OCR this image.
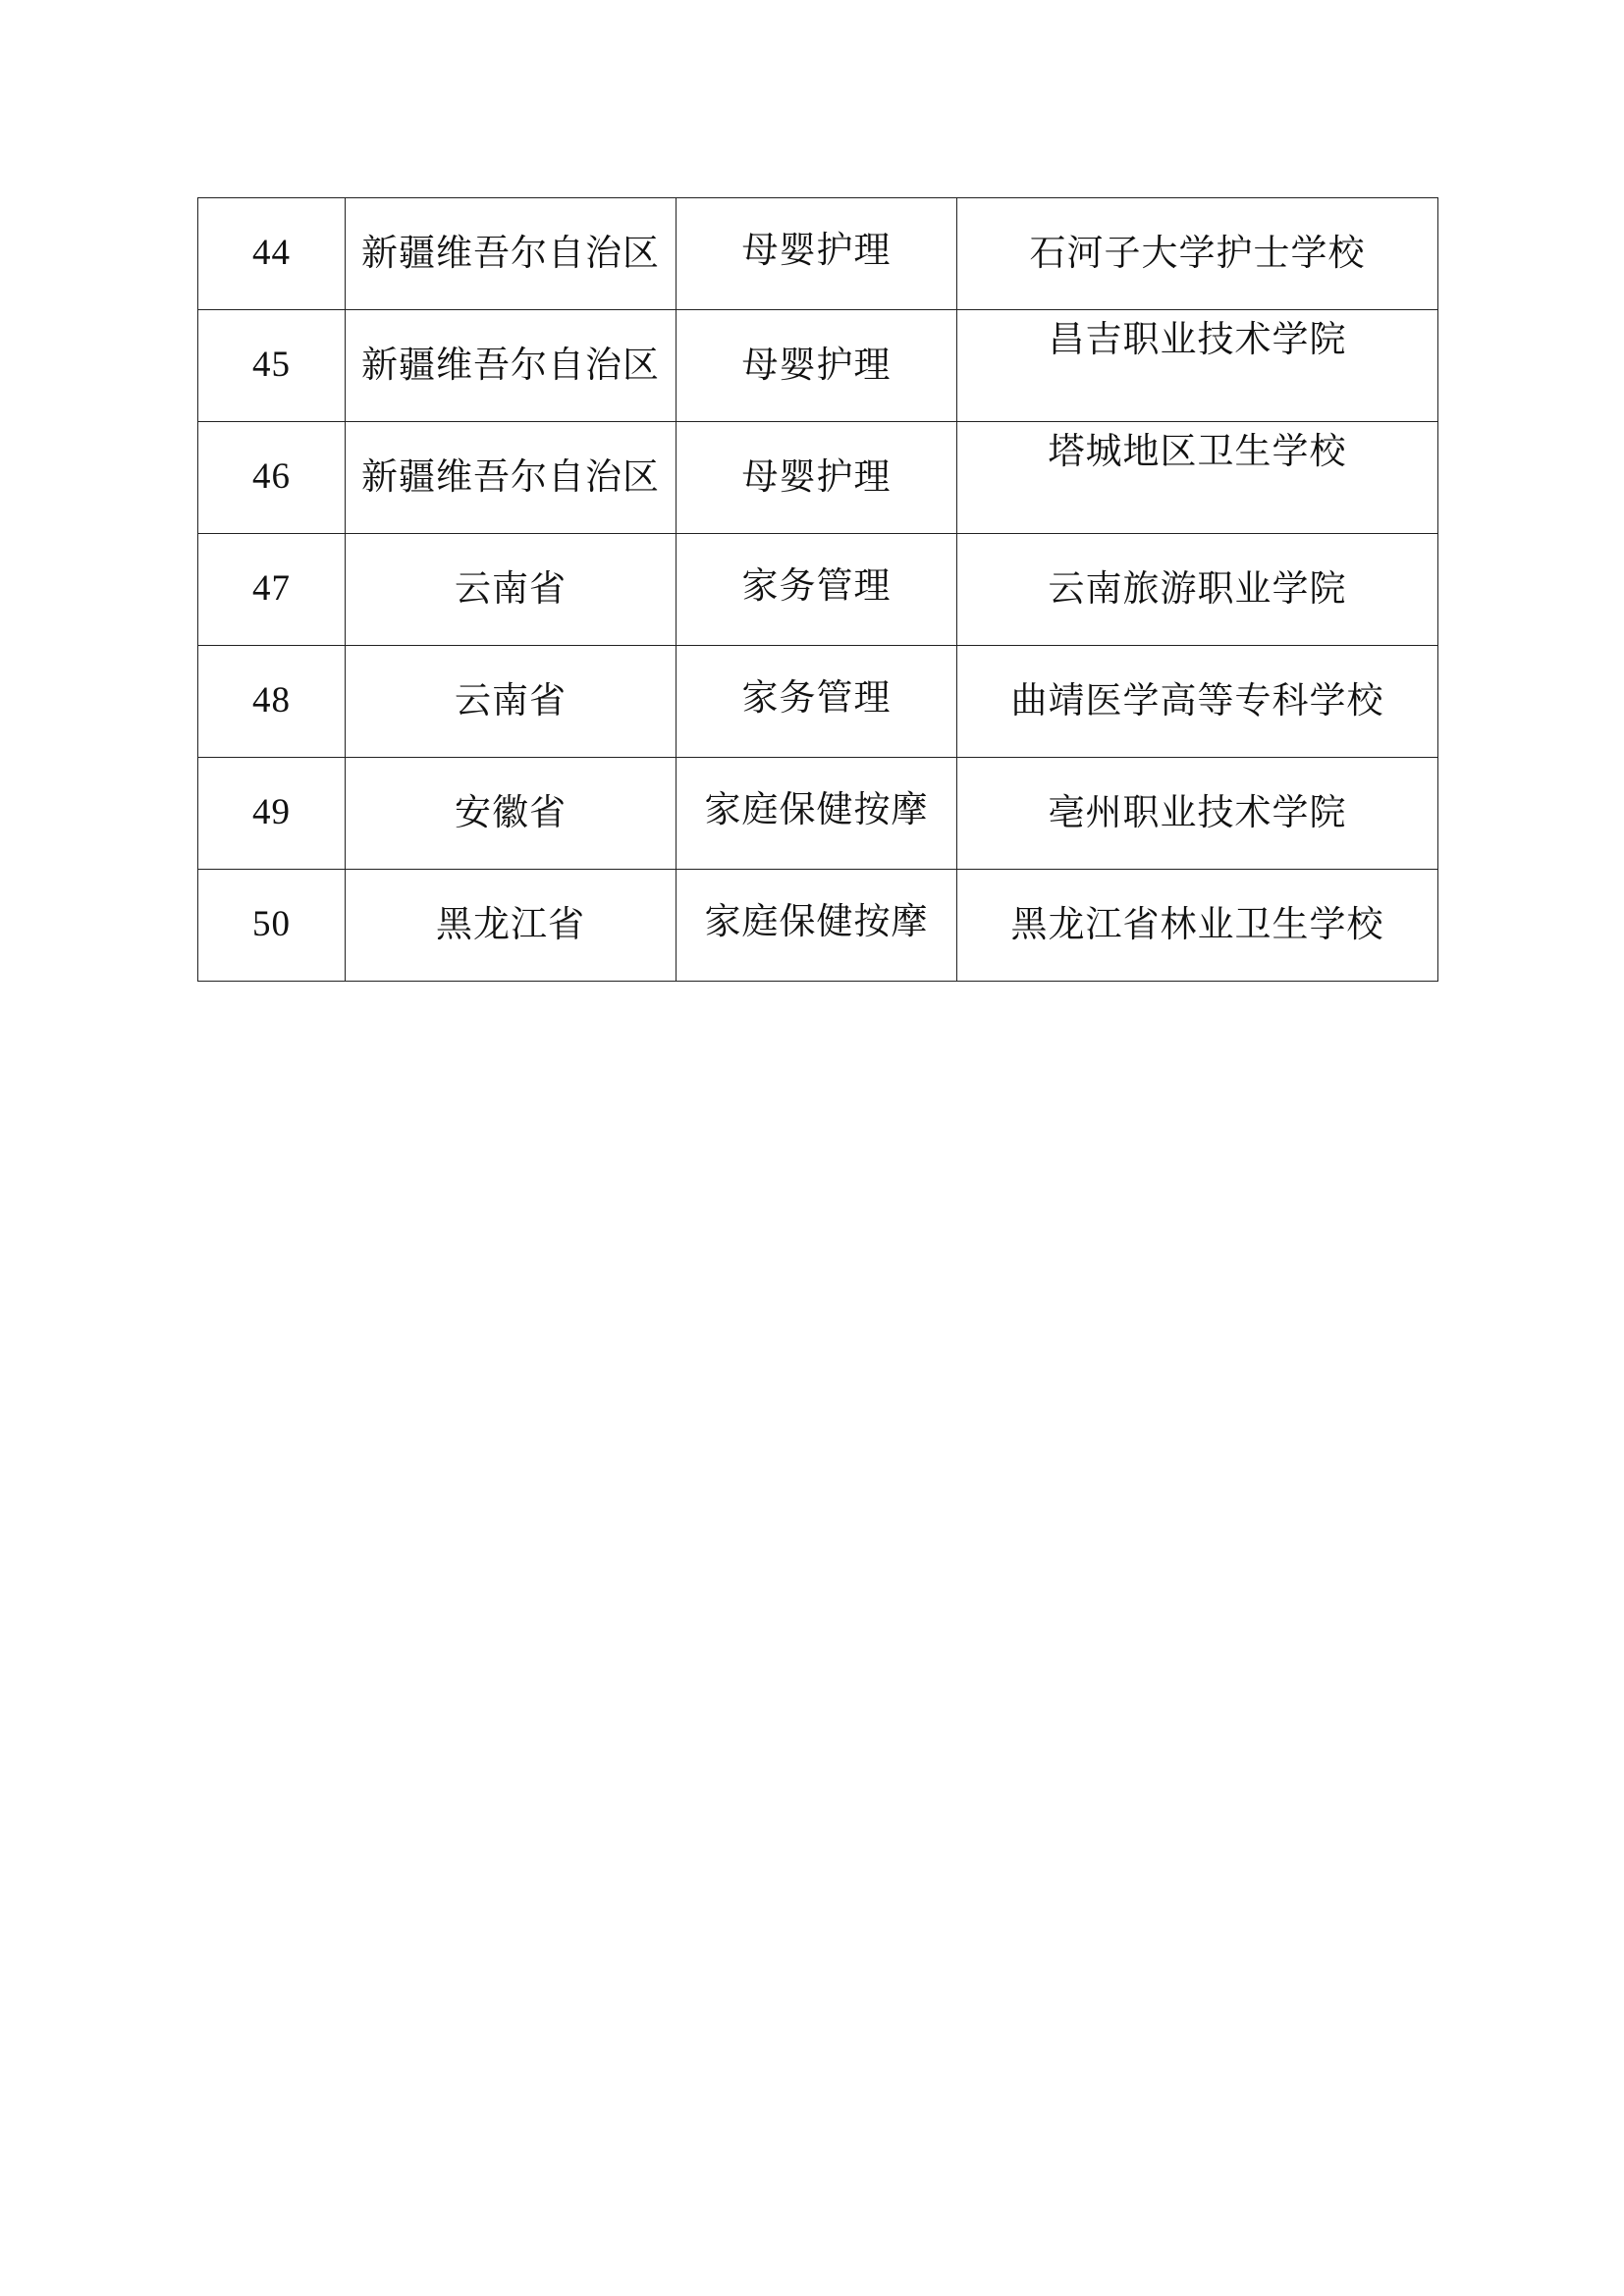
44	新疆维吾尔自治区	母婴护理	石河子大学护士学校
45	新疆维吾尔自治区	母婴护理	昌吉职业技术学院
46	新疆维吾尔自治区	母婴护理	塔城地区卫生学校
47	云南省	家务管理	云南旅游职业学院
48	云南省	家务管理	曲靖医学高等专科学校
49	安徽省	家庭保健按摩	亳州职业技术学院
50	黑龙江省	家庭保健按摩	黑龙江省林业卫生学校
